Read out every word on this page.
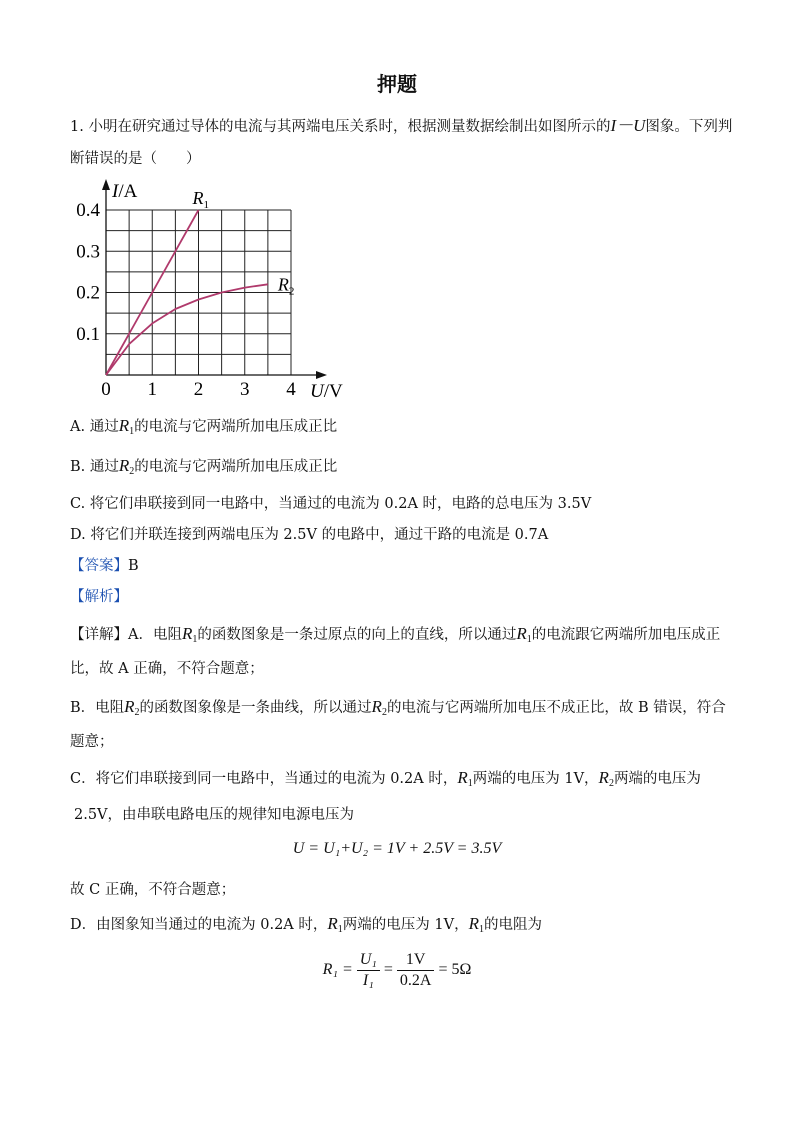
押题
1. 小明在研究通过导体的电流与其两端电压关系时，根据测量数据绘制出如图所示的I－U图象。下列判
断错误的是（　　）
0 1 2 3 4
0.1
0.2
0.3
0.4
I/A
U/V
$R_1$
$R_2$
A. 通过$R_1$的电流与它两端所加电压成正比
B. 通过$R_2$的电流与它两端所加电压成正比
C. 将它们串联接到同一电路中，当通过的电流为 0.2A 时，电路的总电压为 3.5V
D. 将它们并联连接到两端电压为 2.5V 的电路中，通过干路的电流是 0.7A
【答案】B
【解析】
【详解】A．电阻$R_1$的函数图象是一条过原点的向上的直线，所以通过$R_1$的电流跟它两端所加电压成正
比，故 A 正确，不符合题意；
B．电阻$R_2$的函数图象像是一条曲线，所以通过$R_2$的电流与它两端所加电压不成正比，故 B 错误，符合
题意；
C．将它们串联接到同一电路中，当通过的电流为 0.2A 时，$R_1$两端的电压为 1V，$R_2$两端的电压为
2.5V，由串联电路电压的规律知电源电压为
U = U₁+U₂ = 1V + 2.5V = 3.5V
故 C 正确，不符合题意；
D．由图象知当通过的电流为 0.2A 时，$R_1$两端的电压为 1V，$R_1$的电阻为
$R_1 = \frac{\text{U₁}}{\text{I₁}} = \frac{1V}{0.2A} = 5\Omega$
